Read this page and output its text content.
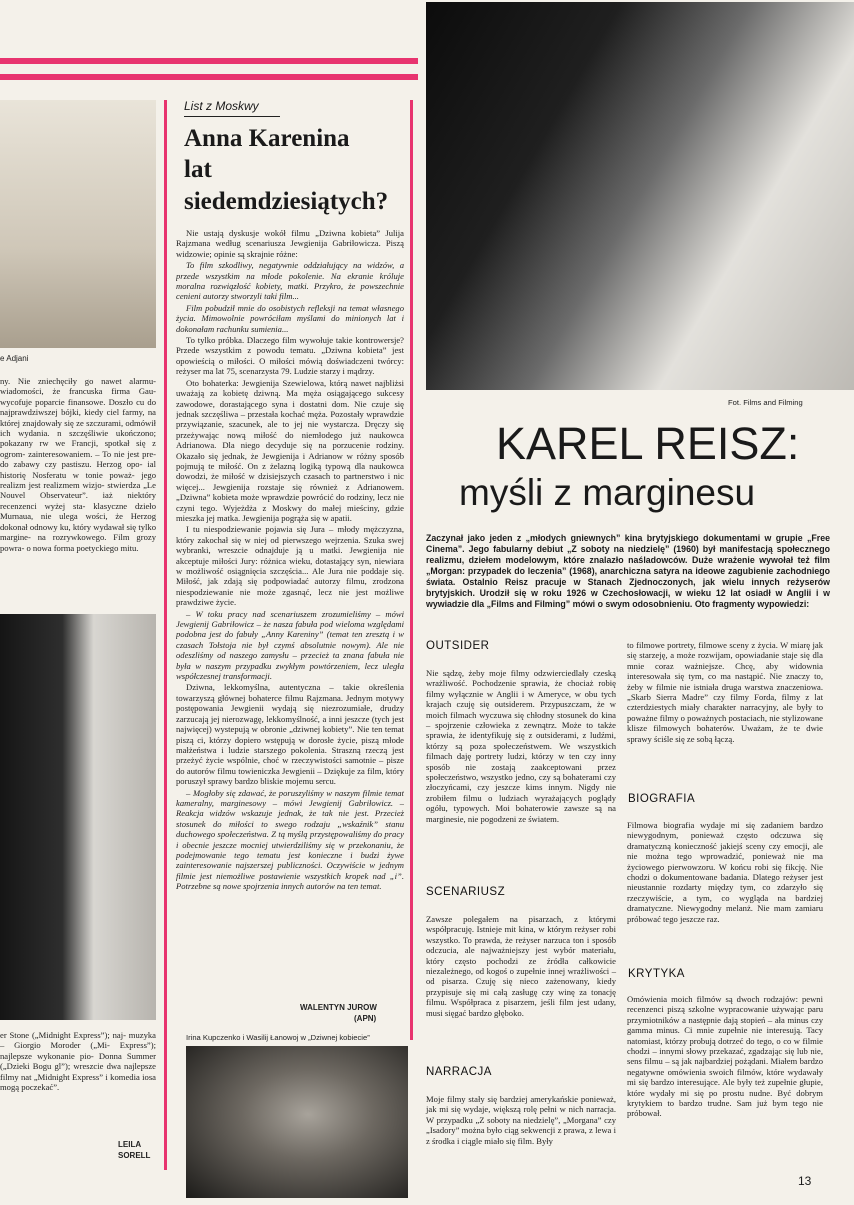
e Adjani
ny. Nie zniechęciły go nawet alarmu- wiadomości, że francuska firma Gau- wycofuje poparcie finansowe. Doszło cu do najprawdziwszej bójki, kiedy ciel farmy, na której znajdowały się ze szczurami, odmówił ich wydania. n szczęśliwie ukończono; pokazany rw we Francji, spotkał się z ogrom- zainteresowaniem. – To nie jest pre- do zabawy czy pastiszu. Herzog opo- ial historię Nosferatu w tonie poważ- jego realizm jest realizmem wizjo- stwierdza „Le Nouvel Observateur”. iaż niektóry recenzenci wyżej sta- klasyczne dzieło Murnaua, nie ulega wości, że Herzog dokonał odnowy ku, który wydawał się tylko margine- na rozrywkowego. Film grozy powra- o nowa forma poetyckiego mitu.
er Stone („Midnight Express”); naj- muzyka – Giorgio Moroder („Mi- Express”); najlepsze wykonanie pio- Donna Summer („Dzieki Bogu gl”); wreszcie dwa najlepsze filmy nat „Midnight Express” i komedia iosa mogą poczekać”.
LEILA
SORELL
List z Moskwy
Anna Karenina
lat
siedemdziesiątych?

Nie ustają dyskusje wokół filmu „Dziwna kobieta” Julija Rajzmana według scenariusza Jewgienija Gabriłowicza. Piszą widzowie; opinie są skrajnie różne:

To film szkodliwy, negatywnie oddziałujący na widzów, a przede wszystkim na młode pokolenie. Na ekranie króluje moralna rozwiązłość kobiety, matki. Przykro, że powszechnie cenieni autorzy stworzyli taki film...

Film pobudził mnie do osobistych refleksji na temat własnego życia. Mimowolnie powróciłam myślami do minionych lat i dokonałam rachunku sumienia...

To tylko próbka. Dlaczego film wywołuje takie kontrowersje? Przede wszystkim z powodu tematu. „Dziwna kobieta” jest opowieścią o miłości. O miłości mówią doświadczeni twórcy: reżyser ma lat 75, scenarzysta 79. Ludzie starzy i mądrzy.

Oto bohaterka: Jewgienija Szewielowa, którą nawet najbliżsi uważają za kobietę dziwną. Ma męża osiągającego sukcesy zawodowe, dorastającego syna i dostatni dom. Nie czuje się jednak szczęśliwa – przestała kochać męża. Pozostały wprawdzie przywiązanie, szacunek, ale to jej nie wystarcza. Dręczy się przeżywając nową miłość do niemłodego już naukowca Adrianowa. Dla niego decyduje się na porzucenie rodziny. Okazało się jednak, że Jewgienija i Adrianow w różny sposób pojmują te miłość. On z żelazną logiką typową dla naukowca dowodzi, że miłość w dzisiejszych czasach to partnerstwo i nic więcej... Jewgienija rozstaje się również z Adrianowem. „Dziwna” kobieta może wprawdzie powrócić do rodziny, lecz nie czyni tego. Wyjeżdża z Moskwy do małej mieściny, gdzie mieszka jej matka. Jewgienija pogrąża się w apatii.

I tu niespodziewanie pojawia się Jura – młody mężczyzna, który zakochał się w niej od pierwszego wejrzenia. Szuka swej wybranki, wreszcie odnajduje ją u matki. Jewgienija nie akceptuje miłości Jury: różnica wieku, dotastający syn, niewiara w możliwość osiągnięcia szczęścia... Ale Jura nie poddaje się. Miłość, jak zdają się podpowiadać autorzy filmu, zrodzona niespodziewanie nie może zgasnąć, lecz nie jest możliwe prawdziwe życie.

– W toku pracy nad scenariuszem zrozumieliśmy – mówi Jewgienij Gabriłowicz – że nasza fabuła pod wieloma względami podobna jest do fabuły „Anny Kareniny” (temat ten zresztą i w czasach Tołstoja nie był czymś absolutnie nowym). Ale nie odeszliśmy od naszego zamysłu – przecież ta znana fabuła nie była w naszym przypadku zwykłym powtórzeniem, lecz uległa współczesnej transformacji.

Dziwna, lekkomyślna, autentyczna – takie określenia towarzyszą głównej bohaterce filmu Rajzmana. Jednym motywy postępowania Jewgienii wydają się niezrozumiałe, drudzy zarzucają jej nierozwagę, lekkomyślność, a inni jeszcze (tych jest najwięcej) wystepują w obronie „dziwnej kobiety”. Nie ten temat piszą ci, którzy dopiero wstępują w dorosłe życie, piszą młode małżeństwa i ludzie starszego pokolenia. Straszną rzeczą jest przeżyć życie wspólnie, choć w rzeczywistości samotnie – pisze do autorów filmu towieniczka Jewgienii – Dziękuje za film, który poruszył sprawy bardzo bliskie mojemu sercu.

– Mogłoby się zdawać, że poruszyliśmy w naszym filmie temat kameralny, marginesowy – mówi Jewgienij Gabriłowicz. – Reakcja widzów wskazuje jednak, że tak nie jest. Przecież stosunek do miłości to swego rodzaju „wskaźnik” stanu duchowego społeczeństwa. Z tą myślą przystępowaliśmy do pracy i obecnie jeszcze mocniej utwierdziliśmy się w przekonaniu, że podejmowanie tego tematu jest konieczne i budzi żywe zainteresowanie najszerszej publiczności. Oczywiście w jednym filmie jest niemożliwe postawienie wszystkich kropek nad „i”. Potrzebne są nowe spojrzenia innych autorów na ten temat.

WALENTYN JUROW
(APN)
Irina Kupczenko i Wasilij Łanowoj w „Dziwnej kobiecie”
Fot. Films and Filming
KAREL REISZ:
myśli z marginesu
Zaczynał jako jeden z „młodych gniewnych” kina brytyjskiego dokumentami w grupie „Free Cinema”. Jego fabularny debiut „Z soboty na niedzielę” (1960) był manifestacją społecznego realizmu, dziełem modelowym, które znalazło naśladowców. Duże wrażenie wywołał też film „Morgan: przypadek do leczenia” (1968), anarchiczna satyra na ideowe zagubienie zachodniego świata. Ostalnio Reisz pracuje w Stanach Zjednoczonych, jak wielu innych reżyserów brytyjskich. Urodził się w roku 1926 w Czechosłowacji, w wieku 12 lat osiadł w Anglii i w wywiadzie dla „Films and Filming” mówi o swym odosobnieniu. Oto fragmenty wypowiedzi:
OUTSIDER
Nie sądzę, żeby moje filmy odzwierciedlały czeską wrażliwość. Pochodzenie sprawia, że chociaż robię filmy wyłącznie w Anglii i w Ameryce, w obu tych krajach czuję się outsiderem. Przypuszczam, że w moich filmach wyczuwa się chłodny stosunek do kina – spojrzenie człowieka z zewnątrz. Może to także sprawia, że identyfikuję się z outsiderami, z ludźmi, którzy są poza społeczeństwem. We wszystkich filmach daję portrety ludzi, którzy w ten czy inny sposób nie zostają zaakceptowani przez społeczeństwo, wszystko jedno, czy są bohaterami czy złoczyńcami, czy jeszcze kims innym. Nigdy nie zrobiłem filmu o ludziach wyrażających poglądy ogółu, typowych. Moi bohaterowie zawsze są na marginesie, nie pogodzeni ze światem.
SCENARIUSZ
Zawsze polegałem na pisarzach, z którymi współpracuję. Istnieje mit kina, w którym reżyser robi wszystko. To prawda, że reżyser narzuca ton i sposób odczucia, ale najważniejszy jest wybór materiału, który często pochodzi ze źródła całkowicie niezależnego, od kogoś o zupełnie innej wrażliwości – od pisarza. Czuję się nieco zażenowany, kiedy przypisuje się mi całą zasługę czy winę za tonację filmu. Współpraca z pisarzem, jeśli film jest udany, musi sięgać bardzo głęboko.
NARRACJA
Moje filmy stały się bardziej amerykańskie ponieważ, jak mi się wydaje, większą rolę pełni w nich narracja. W przypadku „Z soboty na niedzielę”, „Morgana” czy „Isadory” można było ciąg sekwencji z prawa, z lewa i z środka i ciągle miało się film. Były
to filmowe portrety, filmowe sceny z życia. W miarę jak się starzeję, a może rozwijam, opowiadanie staje się dla mnie coraz ważniejsze. Chcę, aby widownia interesowała się tym, co ma nastąpić. Nie znaczy to, żeby w filmie nie istniała druga warstwa znaczeniowa. „Skarb Sierra Madre” czy filmy Forda, filmy z lat czterdziestych miały charakter narracyjny, ale były to poważne filmy o poważnych postaciach, nie stylizowane klisze filmowych bohaterów. Uważam, że te dwie sprawy ściśle się ze sobą łączą.
BIOGRAFIA
Filmowa biografia wydaje mi się zadaniem bardzo niewygodnym, ponieważ często odczuwa się dramatyczną konieczność jakiejś sceny czy emocji, ale nie można tego wprowadzić, ponieważ nie ma życiowego pierwowzoru. W końcu robi się fikcję. Nie chodzi o dokumentowane badania. Dlatego reżyser jest nieustannie rozdarty między tym, co zdarzyło się rzeczywiście, a tym, co wygląda na bardziej dramatyczne. Niewygodny melanż. Nie mam zamiaru próbować tego jeszcze raz.
KRYTYKA
Omówienia moich filmów są dwoch rodzajów: pewni recenzenci piszą szkolne wypracowanie używając paru przymiotników a następnie dają stopień – ała minus czy gamma minus. Ci mnie zupełnie nie interesują. Tacy natomiast, którzy probują dotrzeć do tego, o co w filmie chodzi – innymi słowy przekazać, zgadzając się lub nie, sens filmu – są jak najbardziej pożądani. Miałem bardzo negatywne omówienia swoich filmów, które wydawały mi się bardzo interesujące. Ale były też zupełnie głupie, które wydały mi się po prostu nudne. Być dobrym krytykiem to bardzo trudne. Sam już bym tego nie próbował.
13
